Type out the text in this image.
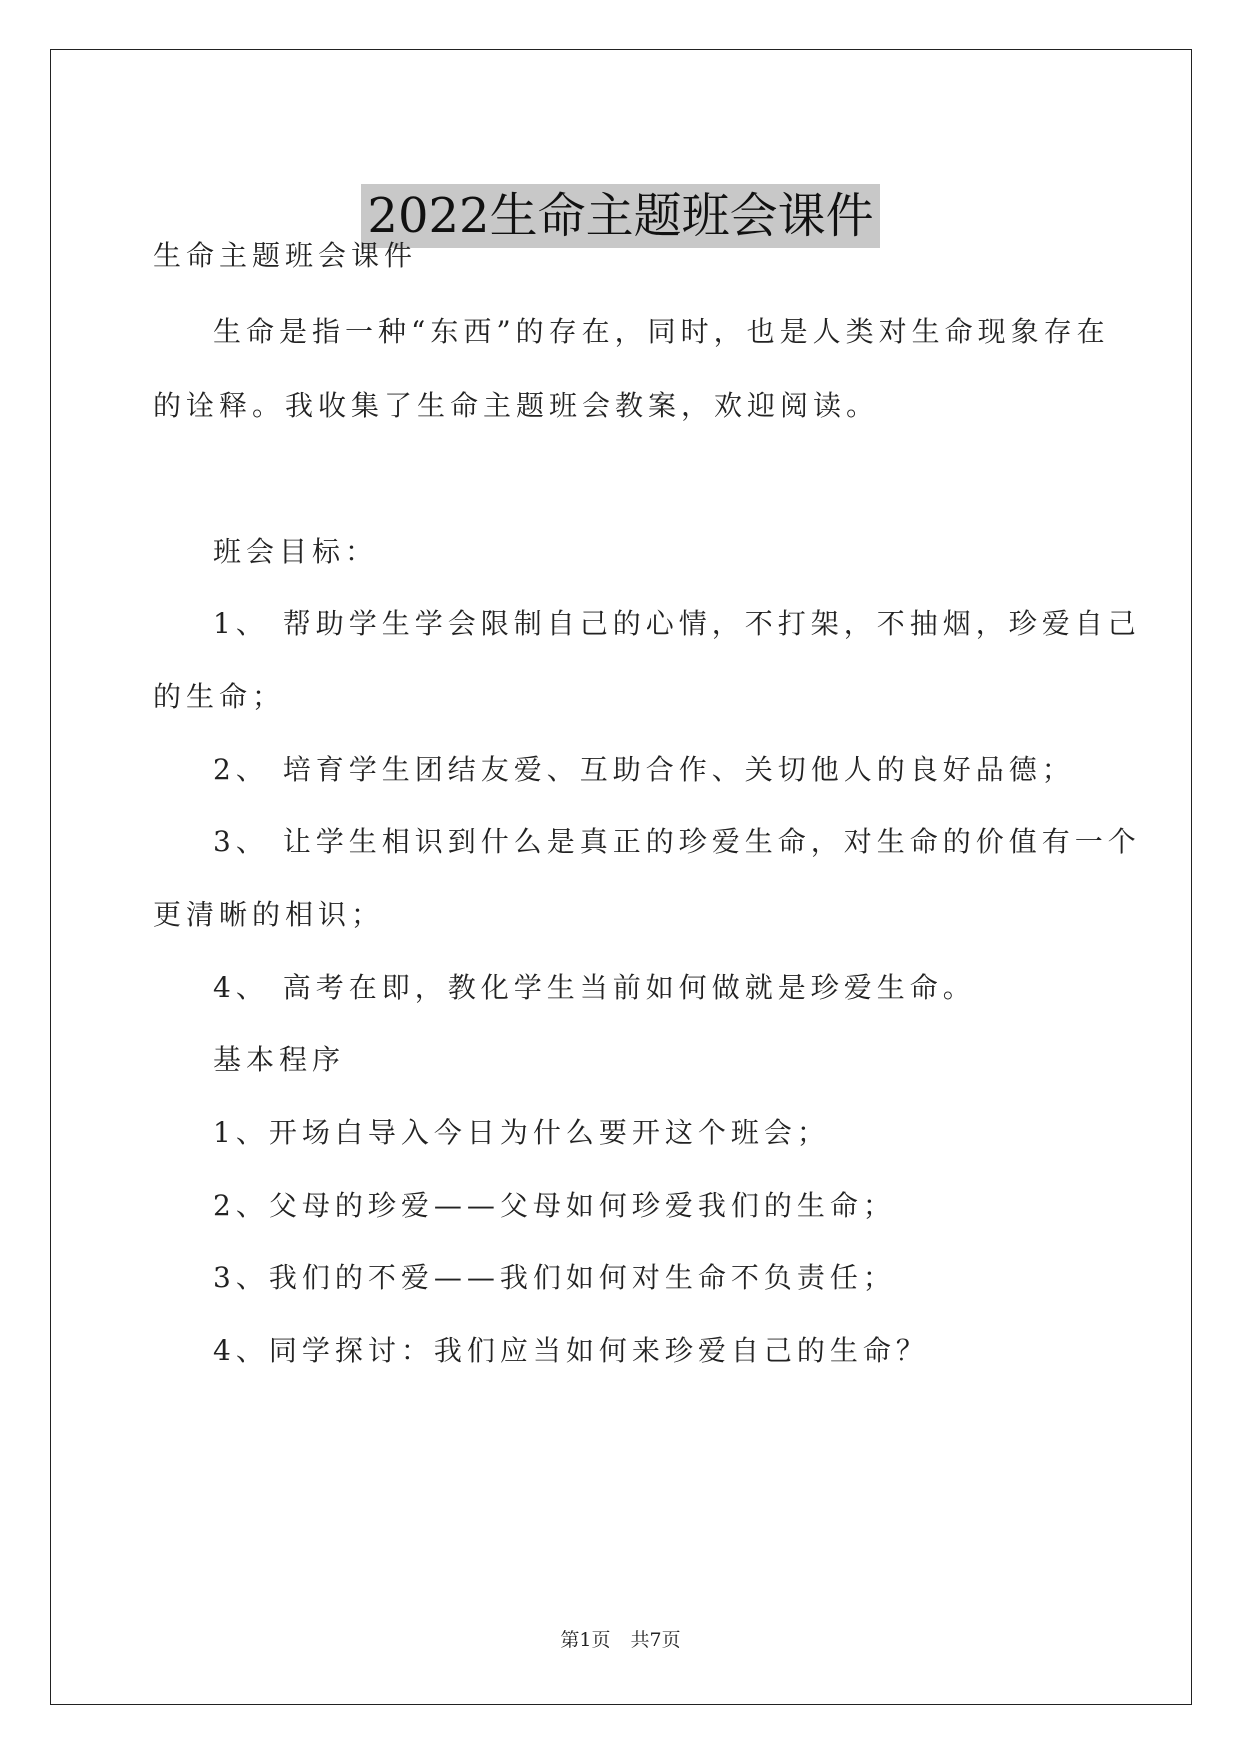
2022生命主题班会课件

生命主题班会课件

生命是指一种“东西”的存在，同时，也是人类对生命现象存在

的诠释。我收集了生命主题班会教案，欢迎阅读。

班会目标：

1、 帮助学生学会限制自己的心情，不打架，不抽烟，珍爱自己

的生命；

2、 培育学生团结友爱、互助合作、关切他人的良好品德；

3、 让学生相识到什么是真正的珍爱生命，对生命的价值有一个

更清晰的相识；

4、 高考在即，教化学生当前如何做就是珍爱生命。

基本程序

1、开场白导入今日为什么要开这个班会；

2、父母的珍爱——父母如何珍爱我们的生命；

3、我们的不爱——我们如何对生命不负责任；

4、同学探讨：我们应当如何来珍爱自己的生命？

第1页 共7页
